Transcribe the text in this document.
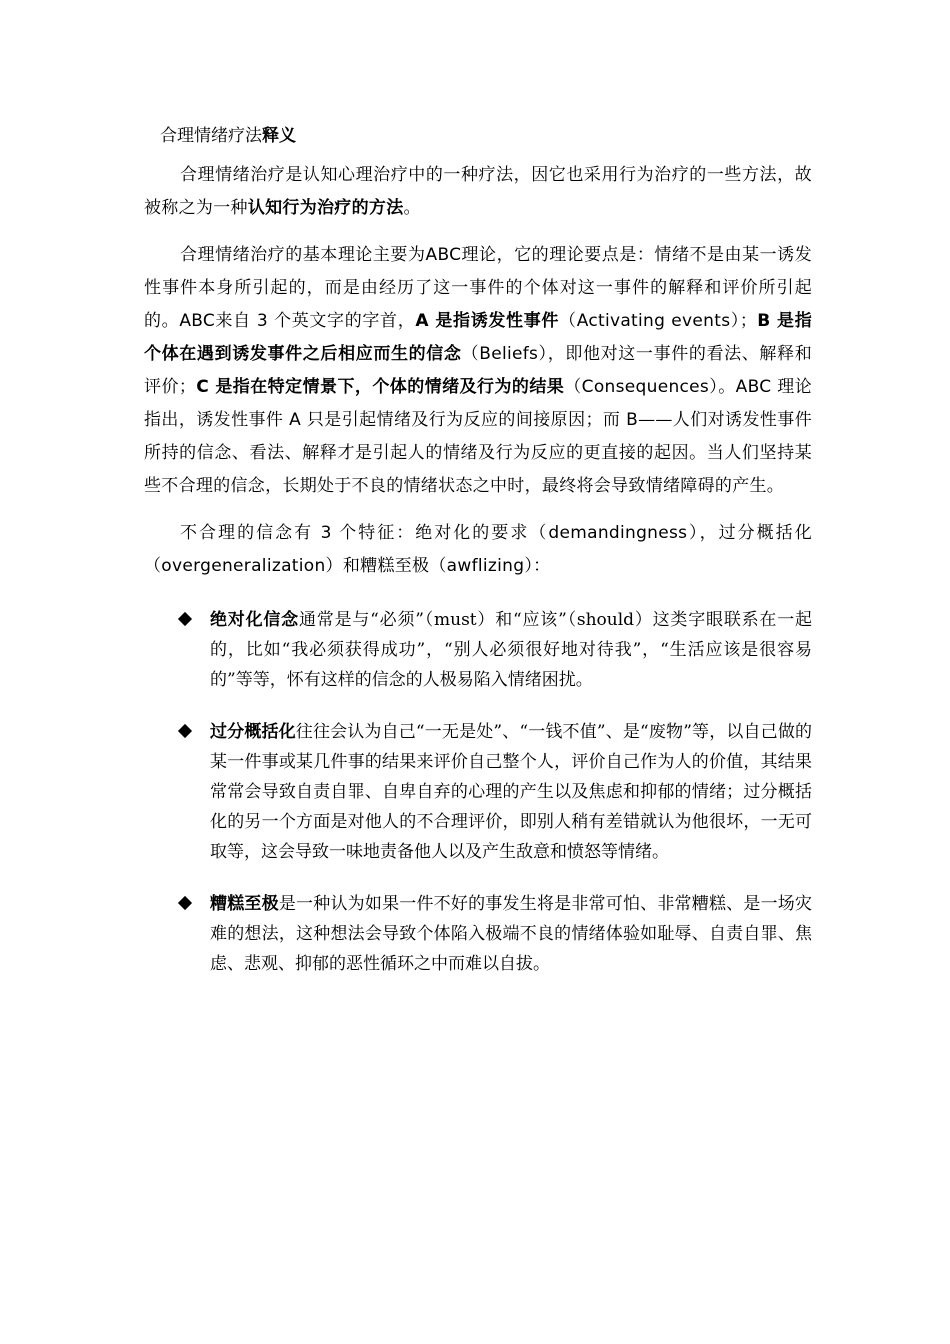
合理情绪疗法释义

合理情绪治疗是认知心理治疗中的一种疗法，因它也采用行为治疗的一些方法，故被称之为一种认知行为治疗的方法。

合理情绪治疗的基本理论主要为ABC理论，它的理论要点是：情绪不是由某一诱发性事件本身所引起的，而是由经历了这一事件的个体对这一事件的解释和评价所引起的。ABC来自 3 个英文字的字首，A 是指诱发性事件（Activating events）；B 是指个体在遇到诱发事件之后相应而生的信念（Beliefs），即他对这一事件的看法、解释和评价；C 是指在特定情景下，个体的情绪及行为的结果（Consequences）。ABC 理论指出，诱发性事件 A 只是引起情绪及行为反应的间接原因；而 B——人们对诱发性事件所持的信念、看法、解释才是引起人的情绪及行为反应的更直接的起因。当人们坚持某些不合理的信念，长期处于不良的情绪状态之中时，最终将会导致情绪障碍的产生。

不合理的信念有 3 个特征：绝对化的要求（demandingness），过分概括化（overgeneralization）和糟糕至极（awflizing）：

绝对化信念通常是与“必须”（must）和“应该”（should）这类字眼联系在一起的，比如“我必须获得成功”，“别人必须很好地对待我”，“生活应该是很容易的”等等，怀有这样的信念的人极易陷入情绪困扰。
过分概括化往往会认为自己“一无是处”、“一钱不值”、是“废物”等，以自己做的某一件事或某几件事的结果来评价自己整个人，评价自己作为人的价值，其结果常常会导致自责自罪、自卑自弃的心理的产生以及焦虑和抑郁的情绪；过分概括化的另一个方面是对他人的不合理评价，即别人稍有差错就认为他很坏，一无可取等，这会导致一味地责备他人以及产生敌意和愤怒等情绪。
糟糕至极是一种认为如果一件不好的事发生将是非常可怕、非常糟糕、是一场灾难的想法，这种想法会导致个体陷入极端不良的情绪体验如耻辱、自责自罪、焦虑、悲观、抑郁的恶性循环之中而难以自拔。
